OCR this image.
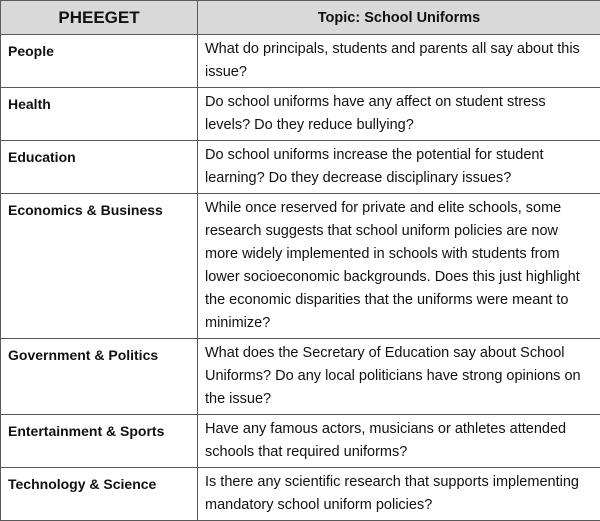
PHEEGET	Topic: School Uniforms
People	What do principals, students and parents all say about this issue?
Health	Do school uniforms have any affect on student stress levels? Do they reduce bullying?
Education	Do school uniforms increase the potential for student learning? Do they decrease disciplinary issues?
Economics & Business	While once reserved for private and elite schools, some research suggests that school uniform policies are now more widely implemented in schools with students from lower socioeconomic backgrounds. Does this just highlight the economic disparities that the uniforms were meant to minimize?
Government & Politics	What does the Secretary of Education say about School Uniforms? Do any local politicians have strong opinions on the issue?
Entertainment & Sports	Have any famous actors, musicians or athletes attended schools that required uniforms?
Technology & Science	Is there any scientific research that supports implementing mandatory school uniform policies?
